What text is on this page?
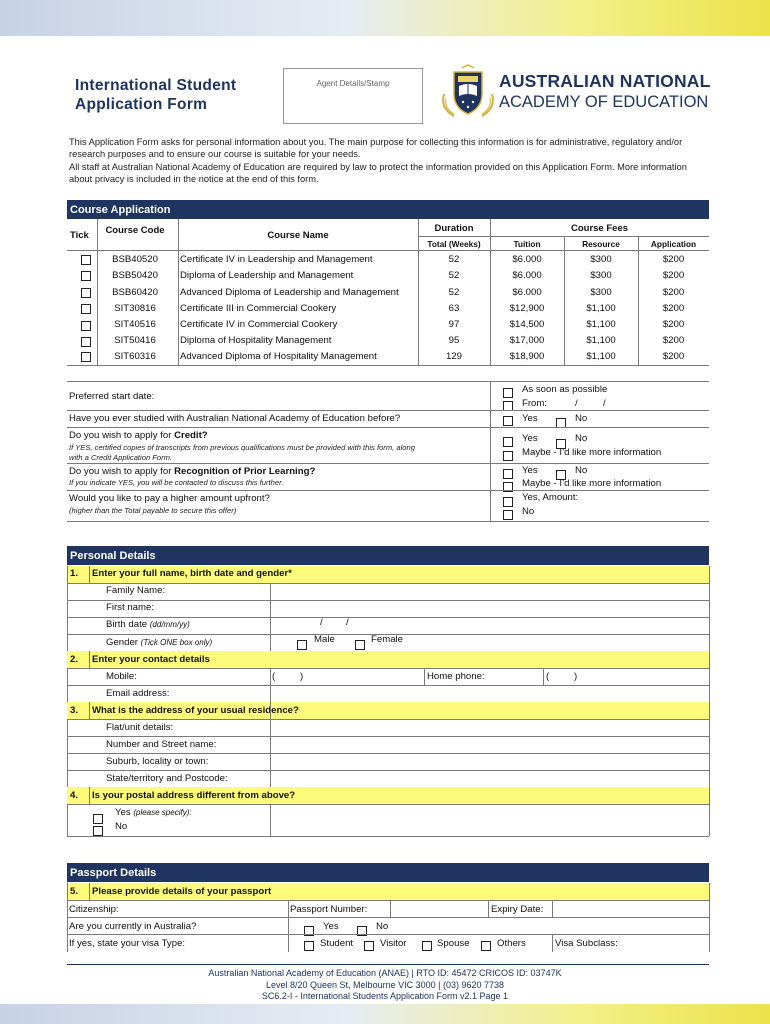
International Student
Application Form
Agent Details/Stamp	AUSTRALIAN NATIONAL
ACADEMY OF EDUCATION
This Application Form asks for personal information about you. The main purpose for collecting this information is for administrative, regulatory and/or research purposes and to ensure our course is suitable for your needs.
All staff at Australian National Academy of Education are required by law to protect the information provided on this Application Form. More information about privacy is included in the notice at the end of this form.
Course Application
Tick	Course Code	Course Name
Duration
Total (Weeks)
Course Fees
Tuition	Resource	Application
BSB40520	Certificate IV in Leadership and Management	52	$6.000	$300	$200
BSB50420	Diploma of Leadership and Management	52	$6.000	$300	$200
BSB60420	Advanced Diploma of Leadership and Management	52	$6.000	$300	$200
SIT30816	Certificate III in Commercial Cookery	63	$12,900	$1,100	$200
SIT40516	Certificate IV in Commercial Cookery	97	$14,500	$1,100	$200
SIT50416	Diploma of Hospitality Management	95	$17,000	$1,100	$200
SIT60316	Advanced Diploma of Hospitality Management	129	$18,900	$1,100	$200
Preferred start date:
As soon as possible
From:	/	/
Have you ever studied with Australian National Academy of Education before?	Yes	No
Do you wish to apply for Credit?
If YES, certified copies of transcripts from previous qualifications must be provided with this form, along
with a Credit Application Form.
Yes	No
Maybe - I’d like more information
Do you wish to apply for Recognition of Prior Learning?
If you indicate YES, you will be contacted to discuss this further.
Yes	No
Maybe - I’d like more information
Would you like to pay a higher amount upfront?
(higher than the Total payable to secure this offer)
Yes, Amount:
No
Personal Details
1. Enter your full name, birth date and gender*
Family Name:
First name:
Birth date (dd/mm/yy)	/ /
Gender (Tick ONE box only)	Male	Female
2. Enter your contact details
Mobile:	(	)	Home phone:	(	)
Email address:
3. What is the address of your usual residence?
Flat/unit details:
Number and Street name:
Suburb, locality or town:
State/territory and Postcode:
4. Is your postal address different from above?
Yes (please specify):
No
Passport Details
5. Please provide details of your passport
Citizenship:	Passport Number:	Expiry Date:
Are you currently in Australia?	Yes	No
If yes, state your visa Type:	Student	Visitor	Spouse	Others	Visa Subclass:
Australian National Academy of Education (ANAE) | RTO ID: 45472 CRICOS ID: 03747K
Level 8/20 Queen St, Melbourne VIC 3000 | (03) 9620 7738
SC6.2-I - International Students Application Form v2.1 Page 1
